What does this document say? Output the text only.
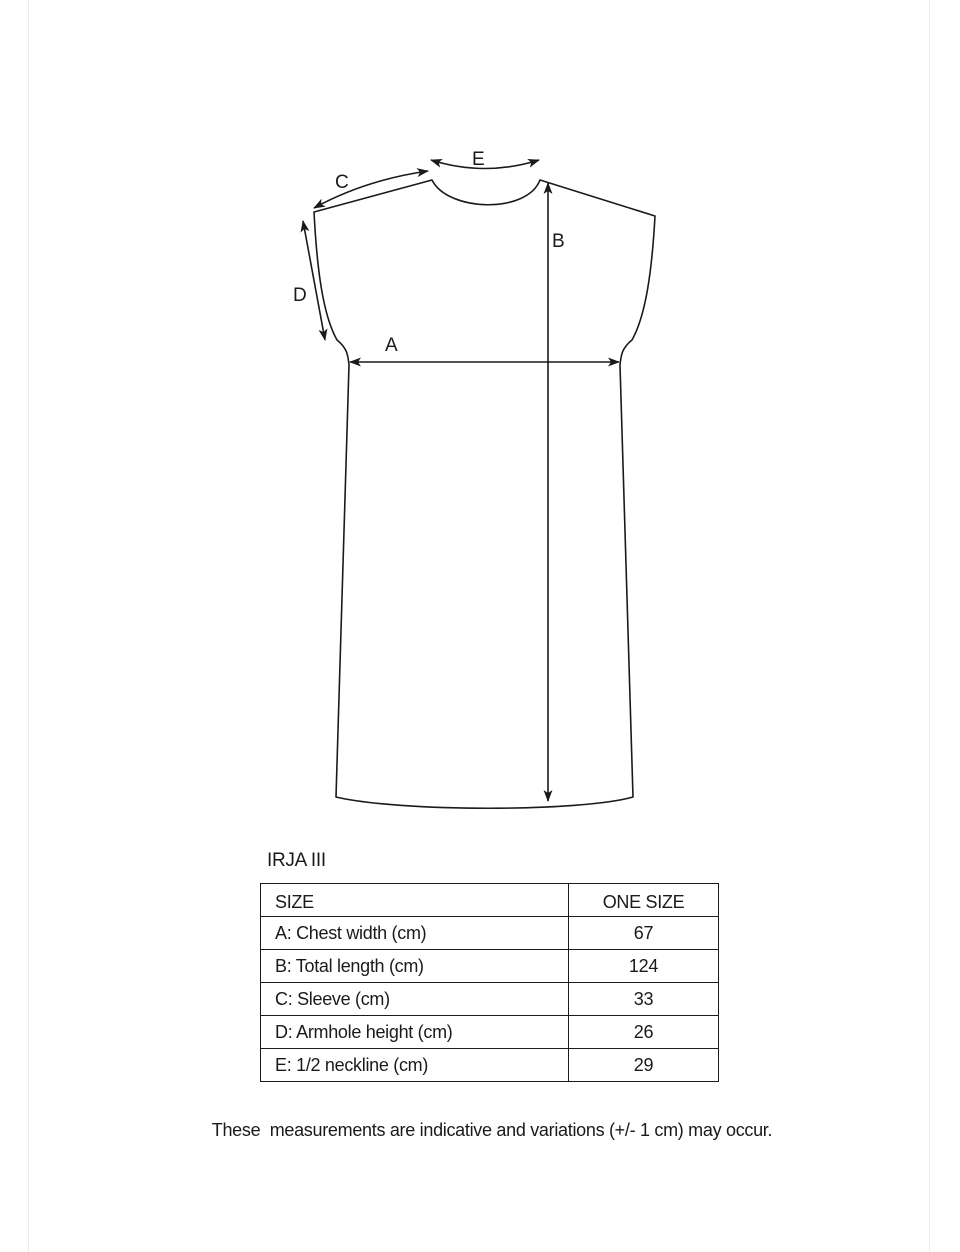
E
C
B
D
A
IRJA III
SIZE	ONE SIZE
A: Chest width (cm)	67
B: Total length (cm)	124
C: Sleeve (cm)	33
D: Armhole height (cm)	26
E: 1/2 neckline (cm)	29
These  measurements are indicative and variations (+/- 1 cm) may occur.
